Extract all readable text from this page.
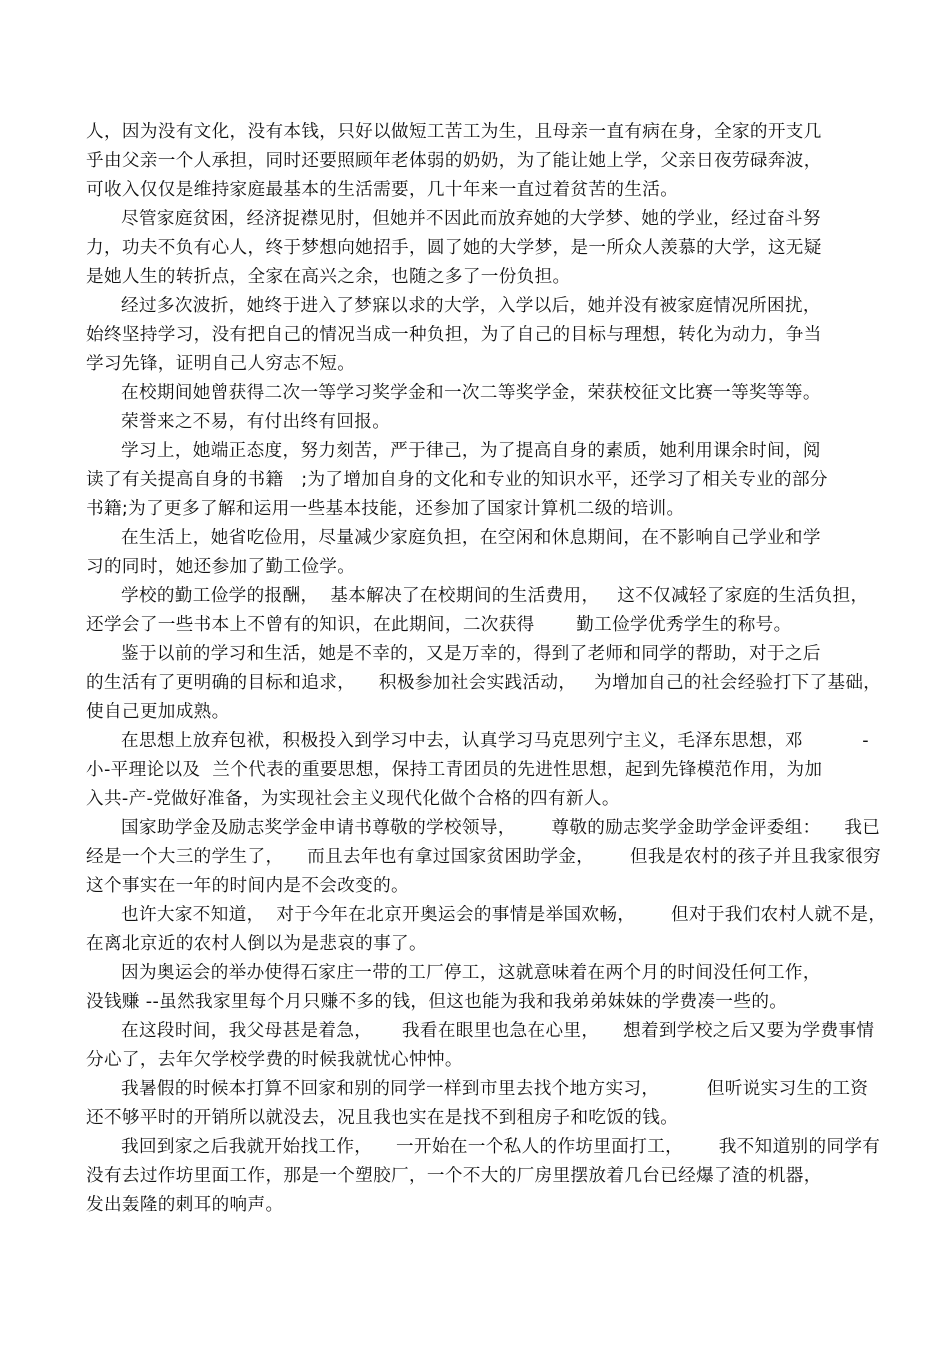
人，因为没有文化，没有本钱，只好以做短工苦工为生，且母亲一直有病在身，全家的开支几
乎由父亲一个人承担，同时还要照顾年老体弱的奶奶，为了能让她上学，父亲日夜劳碌奔波，
可收入仅仅是维持家庭最基本的生活需要，几十年来一直过着贫苦的生活。
尽管家庭贫困，经济捉襟见肘，但她并不因此而放弃她的大学梦、她的学业，经过奋斗努
力，功夫不负有心人，终于梦想向她招手，圆了她的大学梦，是一所众人羡慕的大学，这无疑
是她人生的转折点，全家在高兴之余，也随之多了一份负担。
经过多次波折，她终于进入了梦寐以求的大学，入学以后，她并没有被家庭情况所困扰，
始终坚持学习，没有把自己的情况当成一种负担，为了自己的目标与理想，转化为动力，争当
学习先锋，证明自己人穷志不短。
在校期间她曾获得二次一等学习奖学金和一次二等奖学金，荣获校征文比赛一等奖等等。
荣誉来之不易，有付出终有回报。
学习上，她端正态度，努力刻苦，严于律己，为了提高自身的素质，她利用课余时间，阅
读了有关提高自身的书籍   ;为了增加自身的文化和专业的知识水平，还学习了相关专业的部分
书籍;为了更多了解和运用一些基本技能，还参加了国家计算机二级的培训。
在生活上，她省吃俭用，尽量减少家庭负担，在空闲和休息期间，在不影响自己学业和学
习的同时，她还参加了勤工俭学。
学校的勤工俭学的报酬，  基本解决了在校期间的生活费用，   这不仅减轻了家庭的生活负担，
还学会了一些书本上不曾有的知识，在此期间，二次获得       勤工俭学优秀学生的称号。
鉴于以前的学习和生活，她是不幸的，又是万幸的，得到了老师和同学的帮助，对于之后
的生活有了更明确的目标和追求，    积极参加社会实践活动，   为增加自己的社会经验打下了基础，
使自己更加成熟。
在思想上放弃包袱，积极投入到学习中去，认真学习马克思列宁主义，毛泽东思想，邓          -
小-平理论以及  兰个代表的重要思想，保持工青团员的先进性思想，起到先锋模范作用，为加
入共-产-党做好准备，为实现社会主义现代化做个合格的四有新人。
国家助学金及励志奖学金申请书尊敬的学校领导，      尊敬的励志奖学金助学金评委组：    我已
经是一个大三的学生了，    而且去年也有拿过国家贫困助学金，      但我是农村的孩子并且我家很穷
这个事实在一年的时间内是不会改变的。
也许大家不知道，  对于今年在北京开奥运会的事情是举国欢畅，      但对于我们农村人就不是，
在离北京近的农村人倒以为是悲哀的事了。
因为奥运会的举办使得石家庄一带的工厂停工，这就意味着在两个月的时间没任何工作，
没钱赚 --虽然我家里每个月只赚不多的钱，但这也能为我和我弟弟妹妹的学费凑一些的。
在这段时间，我父母甚是着急，     我看在眼里也急在心里，    想着到学校之后又要为学费事情
分心了，去年欠学校学费的时候我就忧心忡忡。
我暑假的时候本打算不回家和别的同学一样到市里去找个地方实习，        但听说实习生的工资
还不够平时的开销所以就没去，况且我也实在是找不到租房子和吃饭的钱。
我回到家之后我就开始找工作，    一开始在一个私人的作坊里面打工，      我不知道别的同学有
没有去过作坊里面工作，那是一个塑胶厂，一个不大的厂房里摆放着几台已经爆了渣的机器，
发出轰隆的刺耳的响声。
